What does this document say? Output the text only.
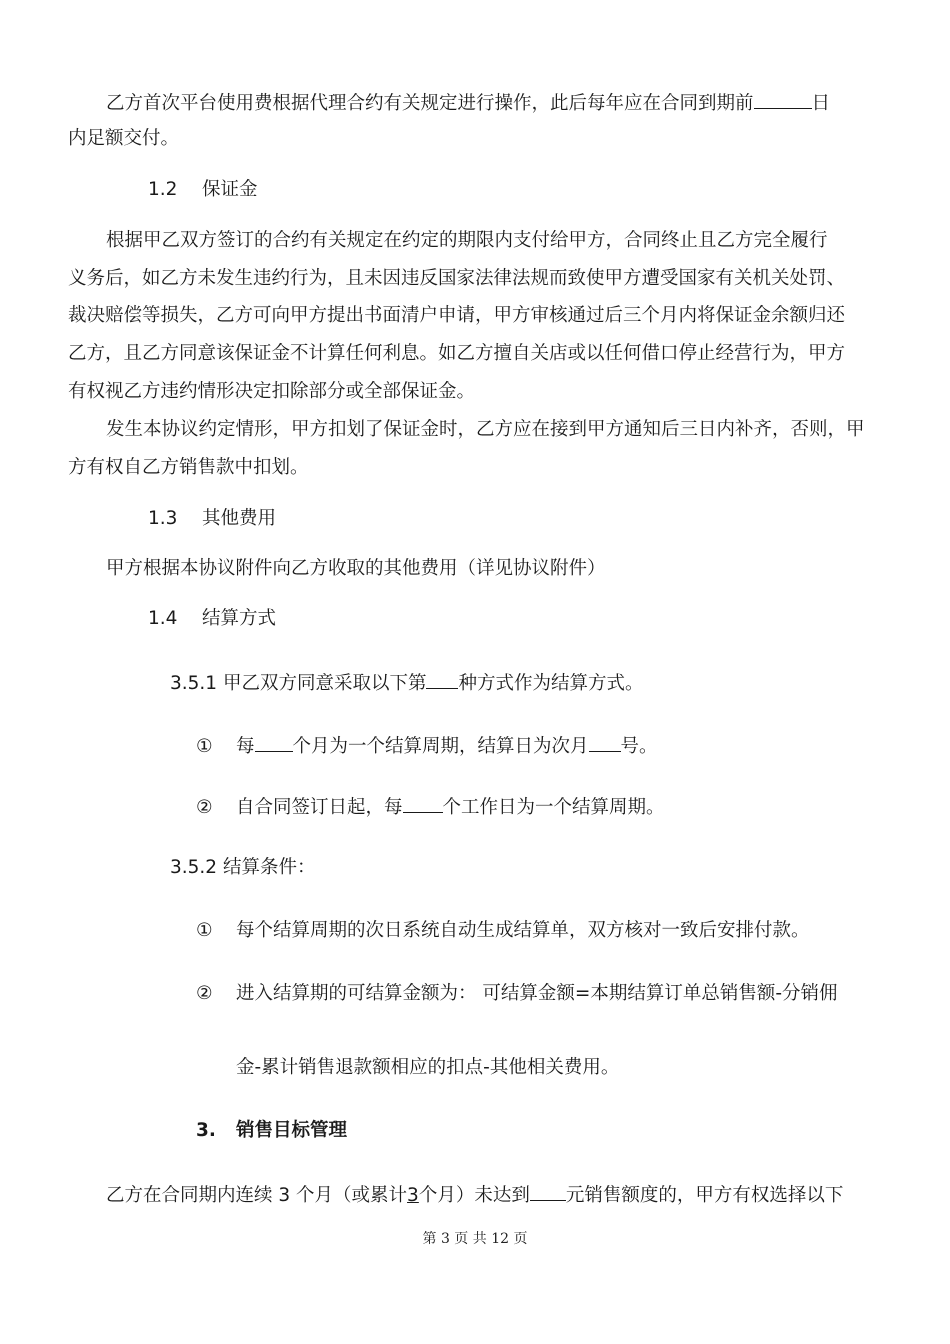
乙方首次平台使用费根据代理合约有关规定进行操作，此后每年应在合同到期前	日
内足额交付。
1.2 保证金
根据甲乙双方签订的合约有关规定在约定的期限内支付给甲方，合同终止且乙方完全履行
义务后，如乙方未发生违约行为，且未因违反国家法律法规而致使甲方遭受国家有关机关处罚、
裁决赔偿等损失，乙方可向甲方提出书面清户申请，甲方审核通过后三个月内将保证金余额归还
乙方，且乙方同意该保证金不计算任何利息。如乙方擅自关店或以任何借口停止经营行为，甲方
有权视乙方违约情形决定扣除部分或全部保证金。
发生本协议约定情形，甲方扣划了保证金时，乙方应在接到甲方通知后三日内补齐，否则，甲
方有权自乙方销售款中扣划。
1.3 其他费用
甲方根据本协议附件向乙方收取的其他费用（详见协议附件）
1.4 结算方式
3.5.1 甲乙双方同意采取以下第 种方式作为结算方式。
① 每 个月为一个结算周期，结算日为次月 号。
② 自合同签订日起，每 个工作日为一个结算周期。
3.5.2 结算条件：
① 每个结算周期的次日系统自动生成结算单，双方核对一致后安排付款。
② 进入结算期的可结算金额为： 可结算金额=本期结算订单总销售额-分销佣
金-累计销售退款额相应的扣点-其他相关费用。
3. 销售目标管理
乙方在合同期内连续 3 个月（或累计3个月）未达到 元销售额度的，甲方有权选择以下
第 3 页 共 12 页
